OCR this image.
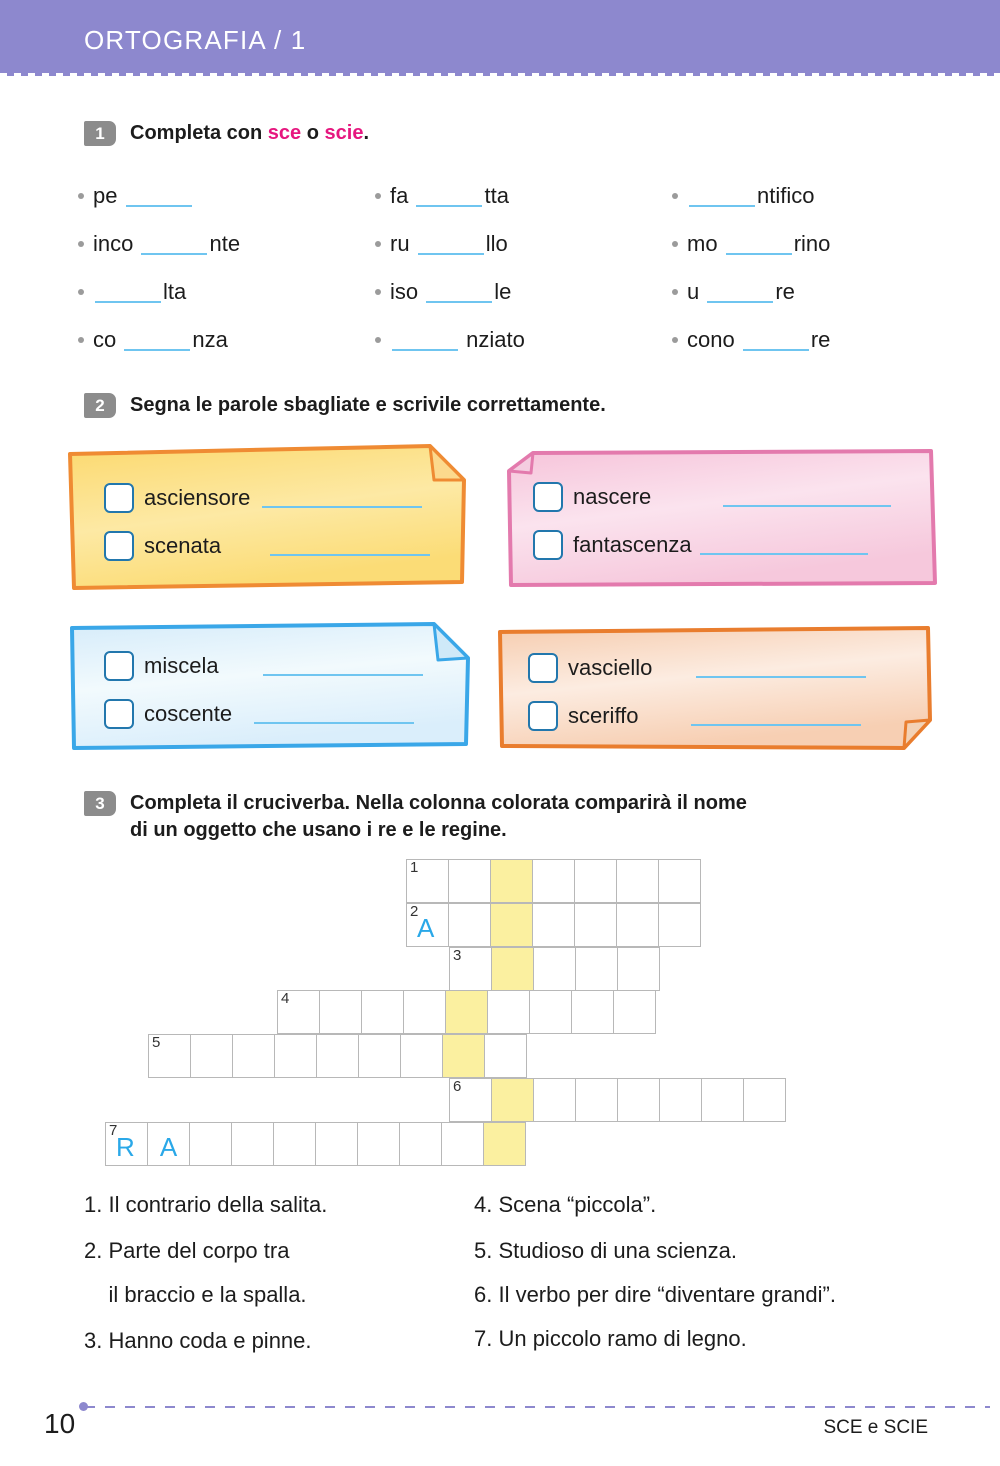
ORTOGRAFIA / 1
1	Completa con sce o scie.
pe	fa	tta	ntifico
inco	nte	ru	llo	mo	rino
lta	iso	le	u	re
co	nza	nziato	cono	re
2	Segna le parole sbagliate e scrivile correttamente.
asciensore
scenata
nascere
fantascenza
miscela
coscente
vasciello
sceriffo
3	Completa il cruciverba. Nella colonna colorata comparirà il nome
di un oggetto che usano i re e le regine.
1
2
A
3
4
5
6
7
R A
1. Il contrario della salita.
2. Parte del corpo tra
il braccio e la spalla.
3. Hanno coda e pinne.
4. Scena “piccola”.
5. Studioso di una scienza.
6. Il verbo per dire “diventare grandi”.
7. Un piccolo ramo di legno.
10	SCE e SCIE
